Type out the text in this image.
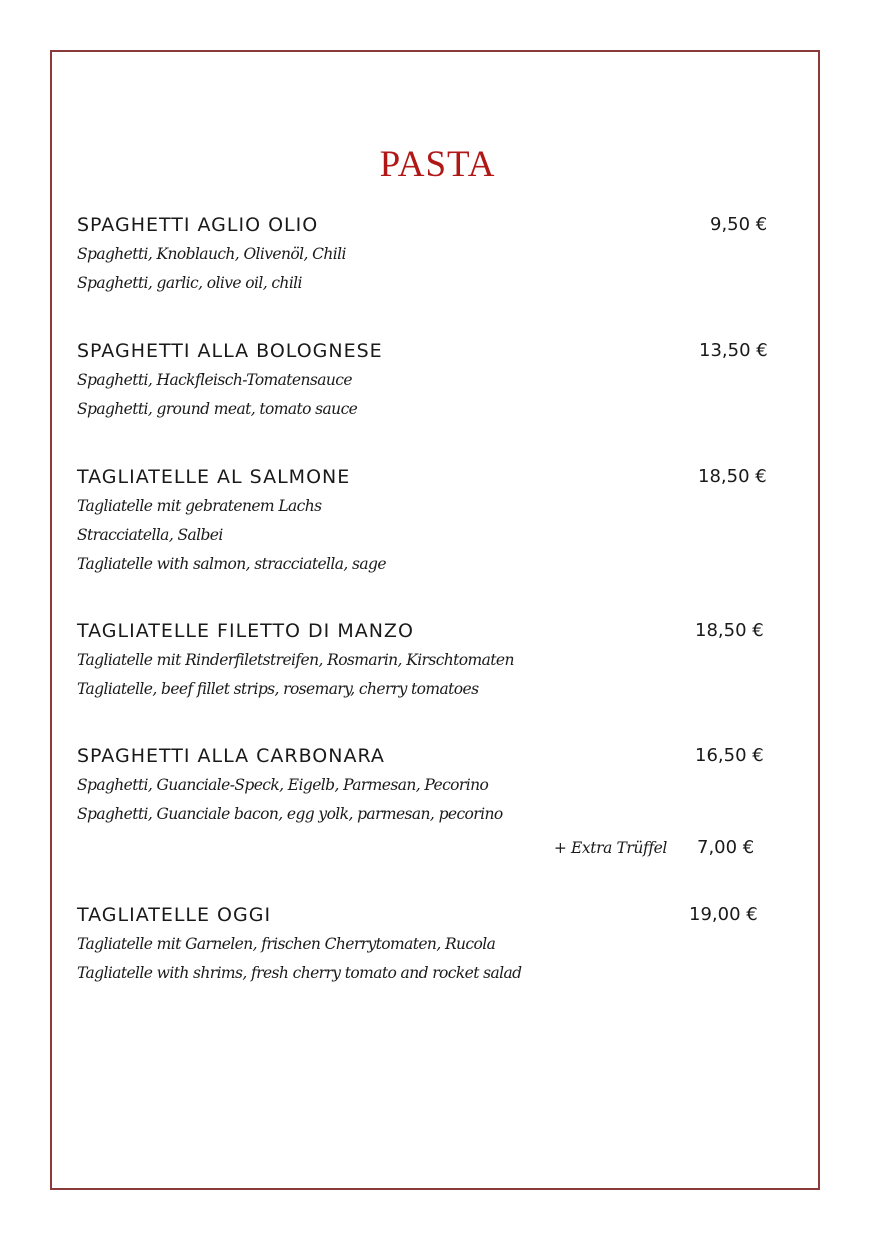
PASTA
SPAGHETTI AGLIO OLIO	9,50 €
Spaghetti, Knoblauch, Olivenöl, Chili
Spaghetti, garlic, olive oil, chili
SPAGHETTI ALLA BOLOGNESE	13,50 €
Spaghetti, Hackfleisch-Tomatensauce
Spaghetti, ground meat, tomato sauce
TAGLIATELLE AL SALMONE	18,50 €
Tagliatelle mit gebratenem Lachs
Stracciatella, Salbei
Tagliatelle with salmon, stracciatella, sage
TAGLIATELLE FILETTO DI MANZO	18,50 €
Tagliatelle mit Rinderfiletstreifen, Rosmarin, Kirschtomaten
Tagliatelle, beef fillet strips, rosemary, cherry tomatoes
SPAGHETTI ALLA CARBONARA	16,50 €
Spaghetti, Guanciale-Speck, Eigelb, Parmesan, Pecorino
Spaghetti, Guanciale bacon, egg yolk, parmesan, pecorino
+ Extra Trüffel 7,00 €
TAGLIATELLE OGGI	19,00 €
Tagliatelle mit Garnelen, frischen Cherrytomaten, Rucola
Tagliatelle with shrims, fresh cherry tomato and rocket salad
